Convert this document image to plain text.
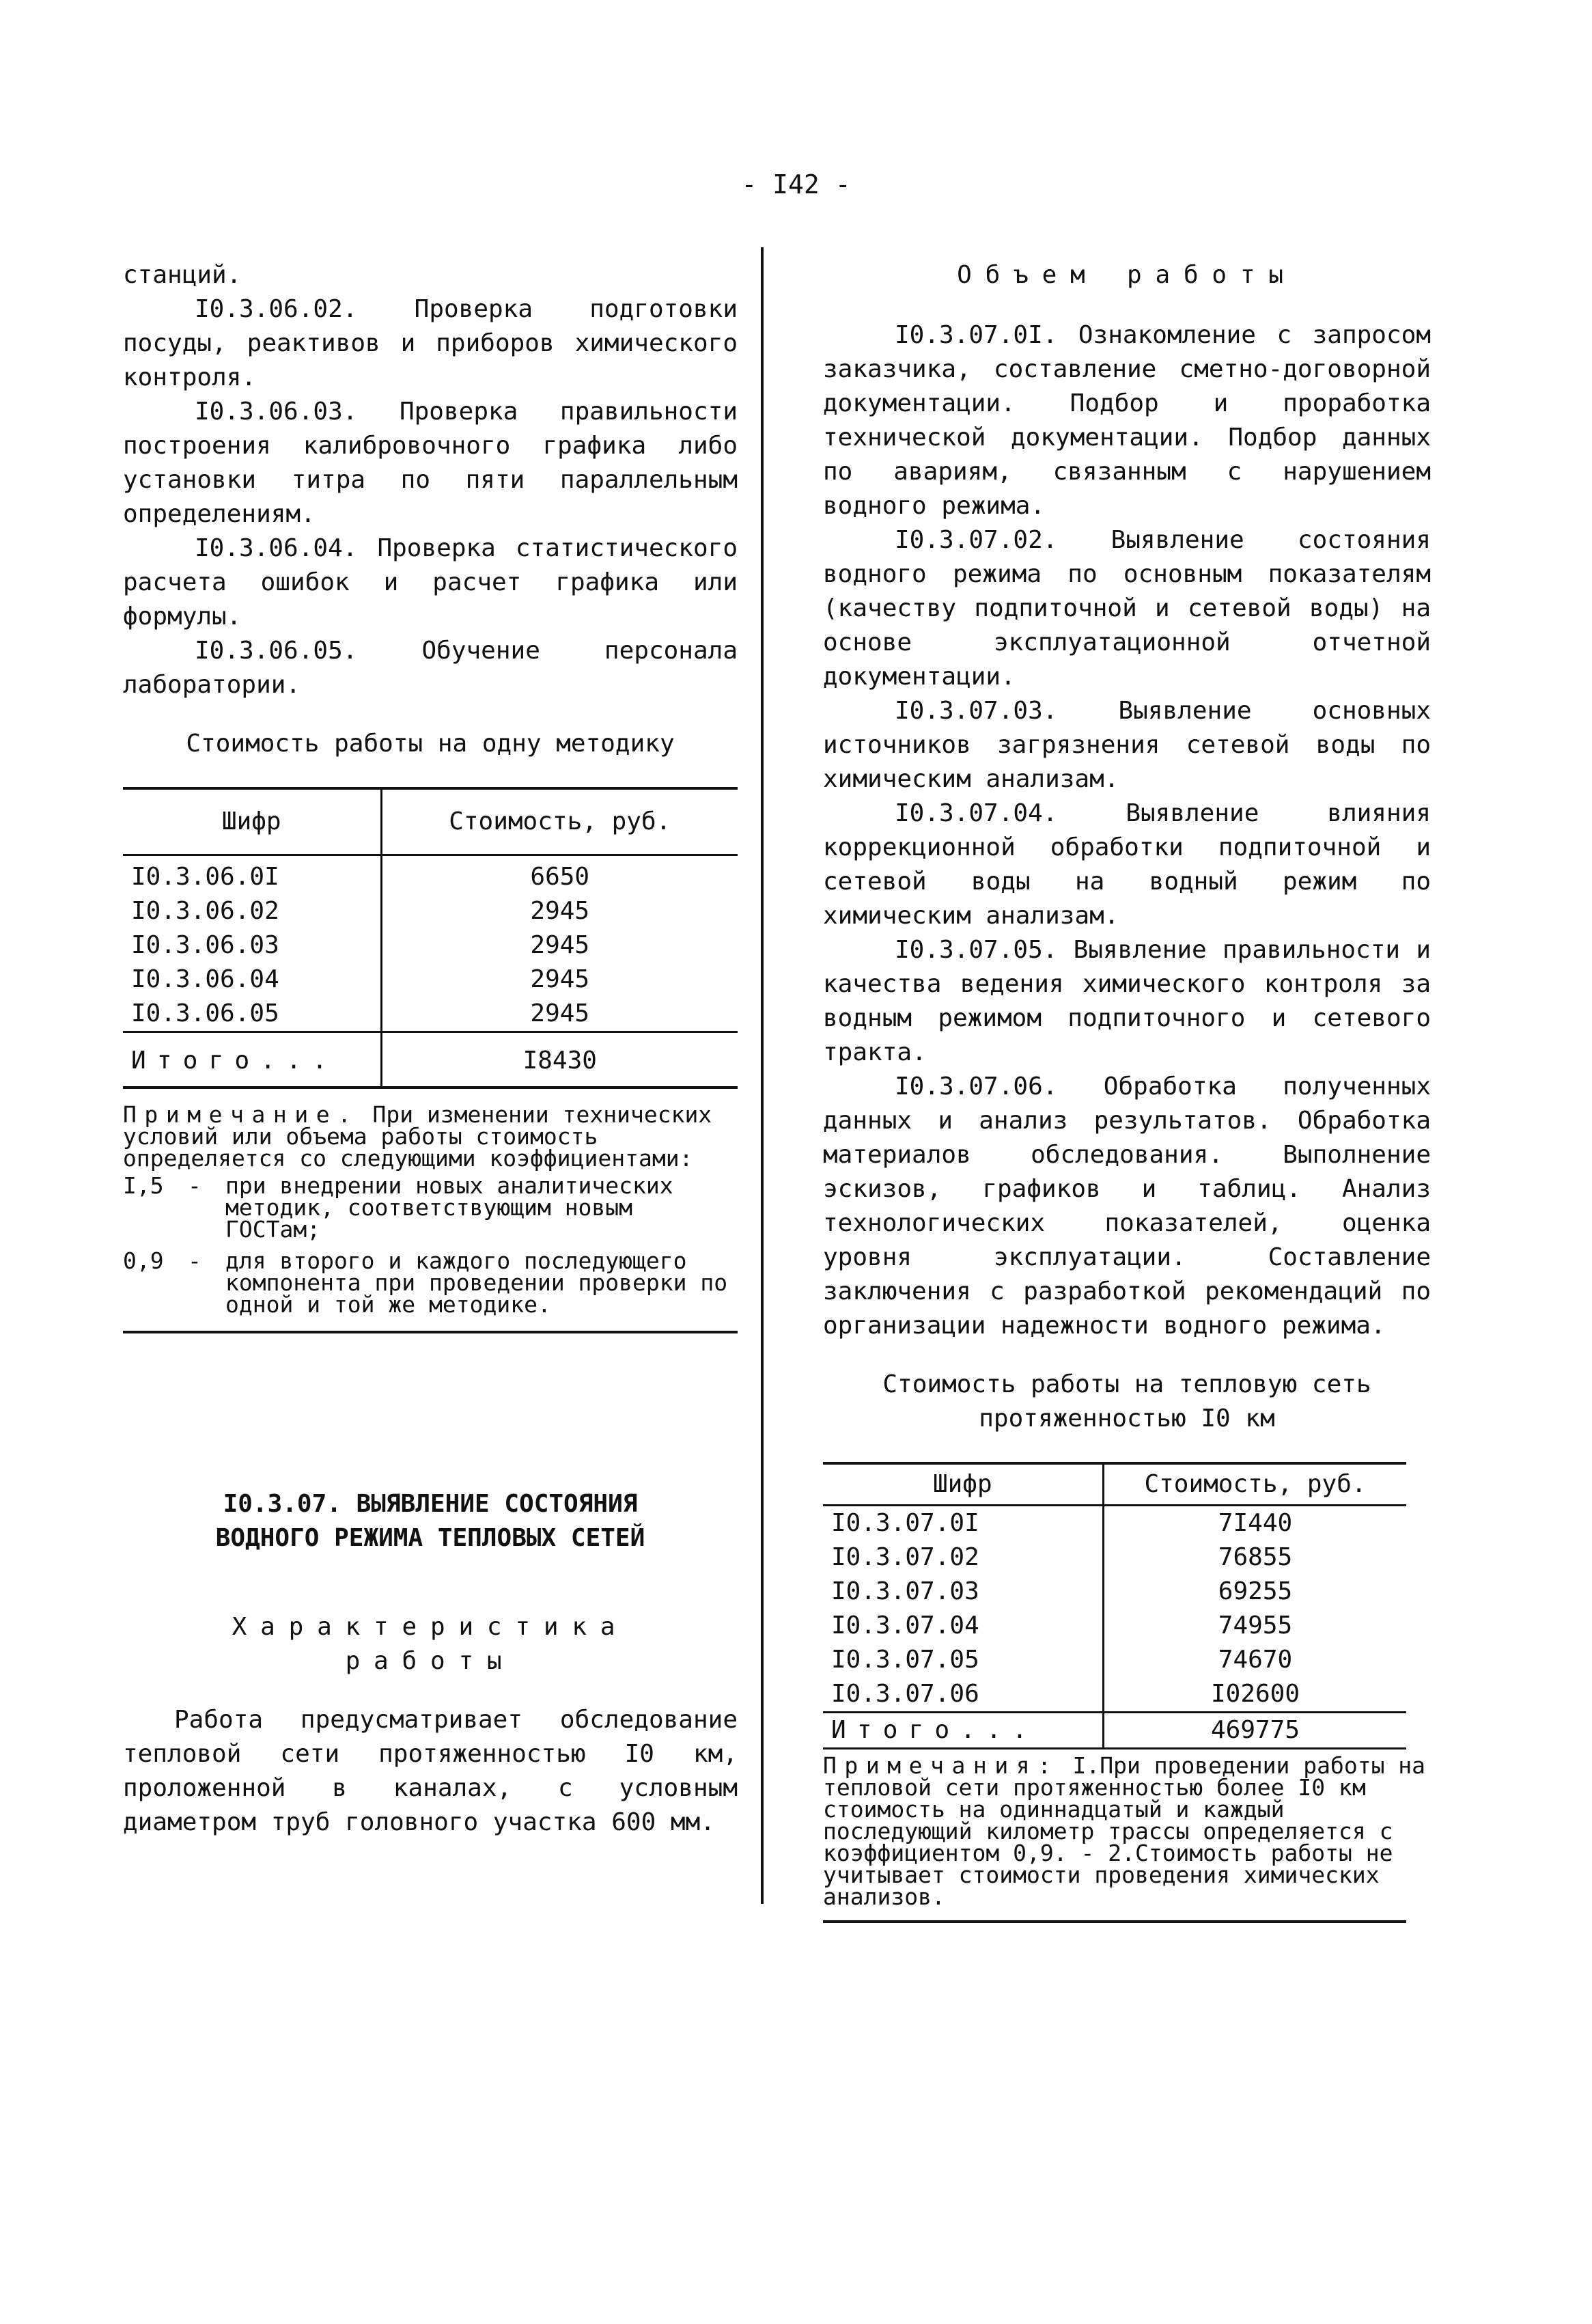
- I42 -

станций.

I0.3.06.02. Проверка подготовки посуды, реактивов и приборов химического контроля.

I0.3.06.03. Проверка правильности построения калибровочного графика либо установки титра по пяти параллельным определениям.

I0.3.06.04. Проверка статистического расчета ошибок и расчет графика или формулы.

I0.3.06.05. Обучение персонала лаборатории.

Стоимость работы на одну методику

Шифр	Стоимость, руб.
I0.3.06.0I	6650
I0.3.06.02	2945
I0.3.06.03	2945
I0.3.06.04	2945
I0.3.06.05	2945
Итого...	I8430

Примечание. При изменении технических условий или объема работы стоимость определяется со следующими коэффициентами:

I,5	-	при внедрении новых аналитических методик, соответствующим новым ГОСТам;
0,9	-	для второго и каждого последующего компонента при проведении проверки по одной и той же методике.

I0.3.07. ВЫЯВЛЕНИЕ СОСТОЯНИЯ

ВОДНОГО РЕЖИМА ТЕПЛОВЫХ СЕТЕЙ

Характеристика

работы

Работа предусматривает обследование тепловой сети протяженностью I0 км, проложенной в каналах, с условным диаметром труб головного участка 600 мм.

Объем работы

I0.3.07.0I. Ознакомление с запросом заказчика, составление сметно-договорной документации. Подбор и проработка технической документации. Подбор данных по авариям, связанным с нарушением водного режима.

I0.3.07.02. Выявление состояния водного режима по основным показателям (качеству подпиточной и сетевой воды) на основе эксплуатационной отчетной документации.

I0.3.07.03. Выявление основных источников загрязнения сетевой воды по химическим анализам.

I0.3.07.04. Выявление влияния коррекционной обработки подпиточной и сетевой воды на водный режим по химическим анализам.

I0.3.07.05. Выявление правильности и качества ведения химического контроля за водным режимом подпиточного и сетевого тракта.

I0.3.07.06. Обработка полученных данных и анализ результатов. Обработка материалов обследования. Выполнение эскизов, графиков и таблиц. Анализ технологических показателей, оценка уровня эксплуатации. Составление заключения с разработкой рекомендаций по организации надежности водного режима.

Стоимость работы на тепловую сеть

протяженностью I0 км

Шифр	Стоимость, руб.
I0.3.07.0I	7I440
I0.3.07.02	76855
I0.3.07.03	69255
I0.3.07.04	74955
I0.3.07.05	74670
I0.3.07.06	I02600
Итого...	469775

Примечания: I.При проведении работы на тепловой сети протяженностью более I0 км стоимость на одиннадцатый и каждый последующий километр трассы определяется с коэффициентом 0,9. - 2.Стоимость работы не учитывает стоимости проведения химических анализов.
